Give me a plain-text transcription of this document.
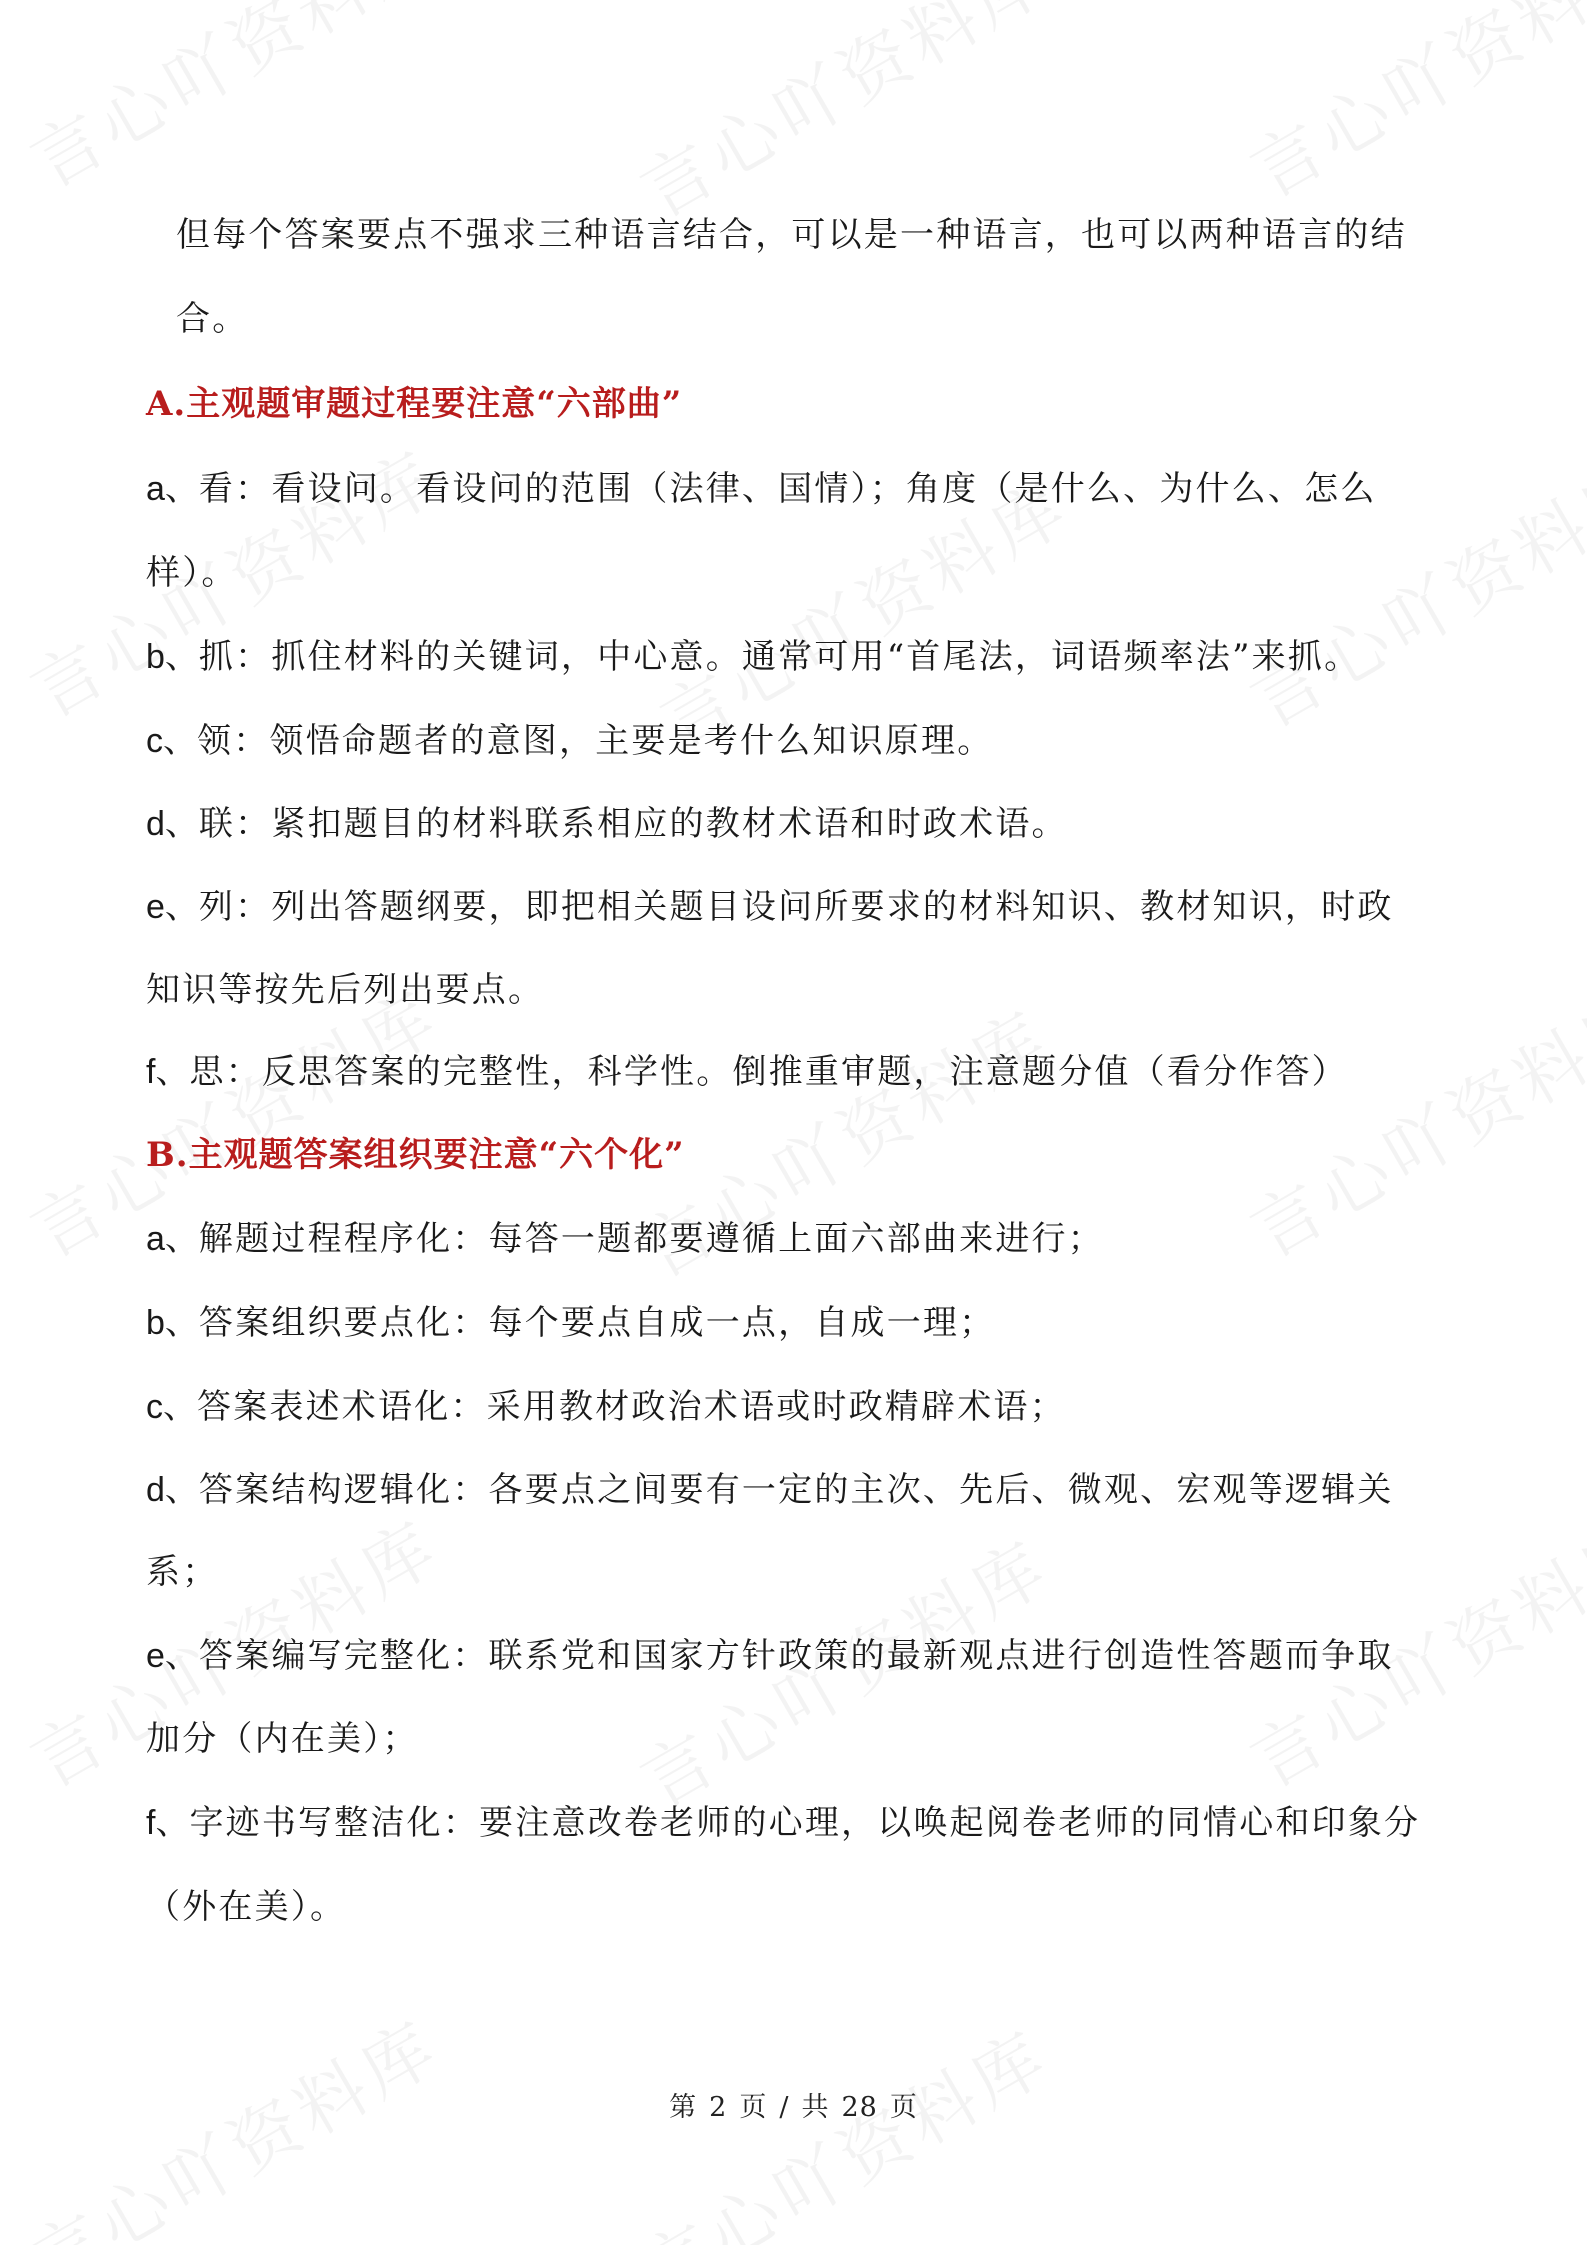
但每个答案要点不强求三种语言结合，可以是一种语言，也可以两种语言的结
合。
A.主观题审题过程要注意“六部曲”
a、看：看设问。看设问的范围（法律、国情）；角度（是什么、为什么、怎么
样）。
b、抓：抓住材料的关键词，中心意。通常可用“首尾法，词语频率法”来抓。
c、领：领悟命题者的意图，主要是考什么知识原理。
d、联：紧扣题目的材料联系相应的教材术语和时政术语。
e、列：列出答题纲要，即把相关题目设问所要求的材料知识、教材知识，时政
知识等按先后列出要点。
f、思：反思答案的完整性，科学性。倒推重审题，注意题分值（看分作答）
B.主观题答案组织要注意“六个化”
a、解题过程程序化：每答一题都要遵循上面六部曲来进行；
b、答案组织要点化：每个要点自成一点，自成一理；
c、答案表述术语化：采用教材政治术语或时政精辟术语；
d、答案结构逻辑化：各要点之间要有一定的主次、先后、微观、宏观等逻辑关
系；
e、答案编写完整化：联系党和国家方针政策的最新观点进行创造性答题而争取
加分（内在美）；
f、字迹书写整洁化：要注意改卷老师的心理，以唤起阅卷老师的同情心和印象分
（外在美）。
第 2 页 / 共 28 页
